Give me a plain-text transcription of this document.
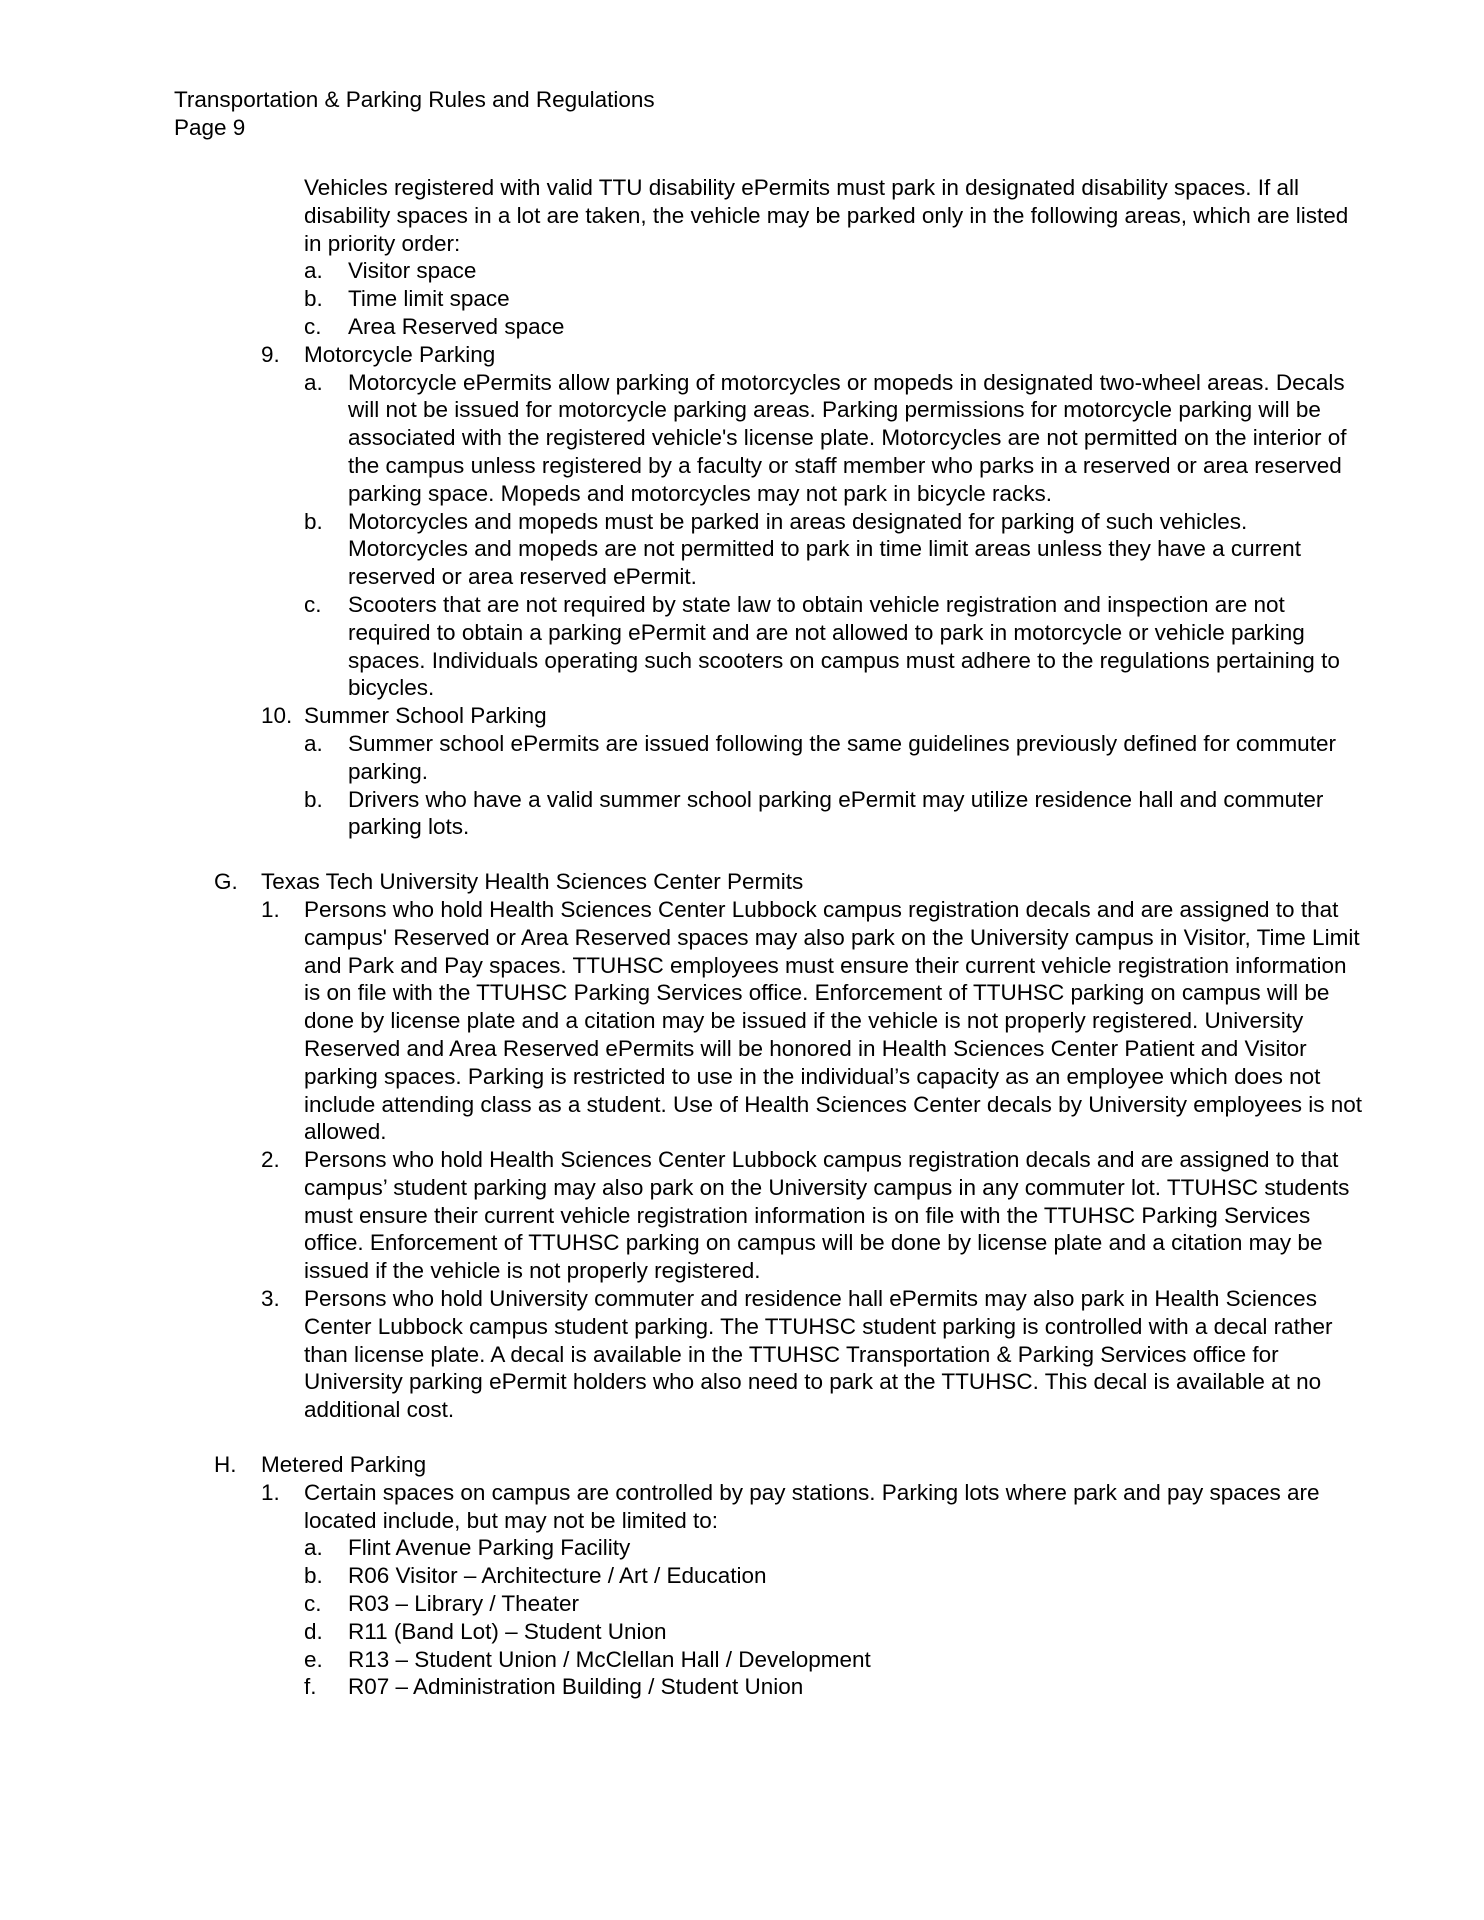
Transportation & Parking Rules and Regulations
Page 9
Vehicles registered with valid TTU disability ePermits must park in designated disability spaces. If all disability spaces in a lot are taken, the vehicle may be parked only in the following areas, which are listed in priority order:
a. Visitor space
b. Time limit space
c. Area Reserved space
9. Motorcycle Parking
a. Motorcycle ePermits allow parking of motorcycles or mopeds in designated two-wheel areas. Decals will not be issued for motorcycle parking areas. Parking permissions for motorcycle parking will be associated with the registered vehicle's license plate. Motorcycles are not permitted on the interior of the campus unless registered by a faculty or staff member who parks in a reserved or area reserved parking space. Mopeds and motorcycles may not park in bicycle racks.
b. Motorcycles and mopeds must be parked in areas designated for parking of such vehicles. Motorcycles and mopeds are not permitted to park in time limit areas unless they have a current reserved or area reserved ePermit.
c. Scooters that are not required by state law to obtain vehicle registration and inspection are not required to obtain a parking ePermit and are not allowed to park in motorcycle or vehicle parking spaces. Individuals operating such scooters on campus must adhere to the regulations pertaining to bicycles.
10. Summer School Parking
a. Summer school ePermits are issued following the same guidelines previously defined for commuter parking.
b. Drivers who have a valid summer school parking ePermit may utilize residence hall and commuter parking lots.
G. Texas Tech University Health Sciences Center Permits
1. Persons who hold Health Sciences Center Lubbock campus registration decals and are assigned to that campus' Reserved or Area Reserved spaces may also park on the University campus in Visitor, Time Limit and Park and Pay spaces. TTUHSC employees must ensure their current vehicle registration information is on file with the TTUHSC Parking Services office. Enforcement of TTUHSC parking on campus will be done by license plate and a citation may be issued if the vehicle is not properly registered. University Reserved and Area Reserved ePermits will be honored in Health Sciences Center Patient and Visitor parking spaces. Parking is restricted to use in the individual’s capacity as an employee which does not include attending class as a student. Use of Health Sciences Center decals by University employees is not allowed.
2. Persons who hold Health Sciences Center Lubbock campus registration decals and are assigned to that campus’ student parking may also park on the University campus in any commuter lot. TTUHSC students must ensure their current vehicle registration information is on file with the TTUHSC Parking Services office. Enforcement of TTUHSC parking on campus will be done by license plate and a citation may be issued if the vehicle is not properly registered.
3. Persons who hold University commuter and residence hall ePermits may also park in Health Sciences Center Lubbock campus student parking. The TTUHSC student parking is controlled with a decal rather than license plate. A decal is available in the TTUHSC Transportation & Parking Services office for University parking ePermit holders who also need to park at the TTUHSC. This decal is available at no additional cost.
H. Metered Parking
1. Certain spaces on campus are controlled by pay stations. Parking lots where park and pay spaces are located include, but may not be limited to:
a. Flint Avenue Parking Facility
b. R06 Visitor – Architecture / Art / Education
c. R03 – Library / Theater
d. R11 (Band Lot) – Student Union
e. R13 – Student Union / McClellan Hall / Development
f. R07 – Administration Building / Student Union
